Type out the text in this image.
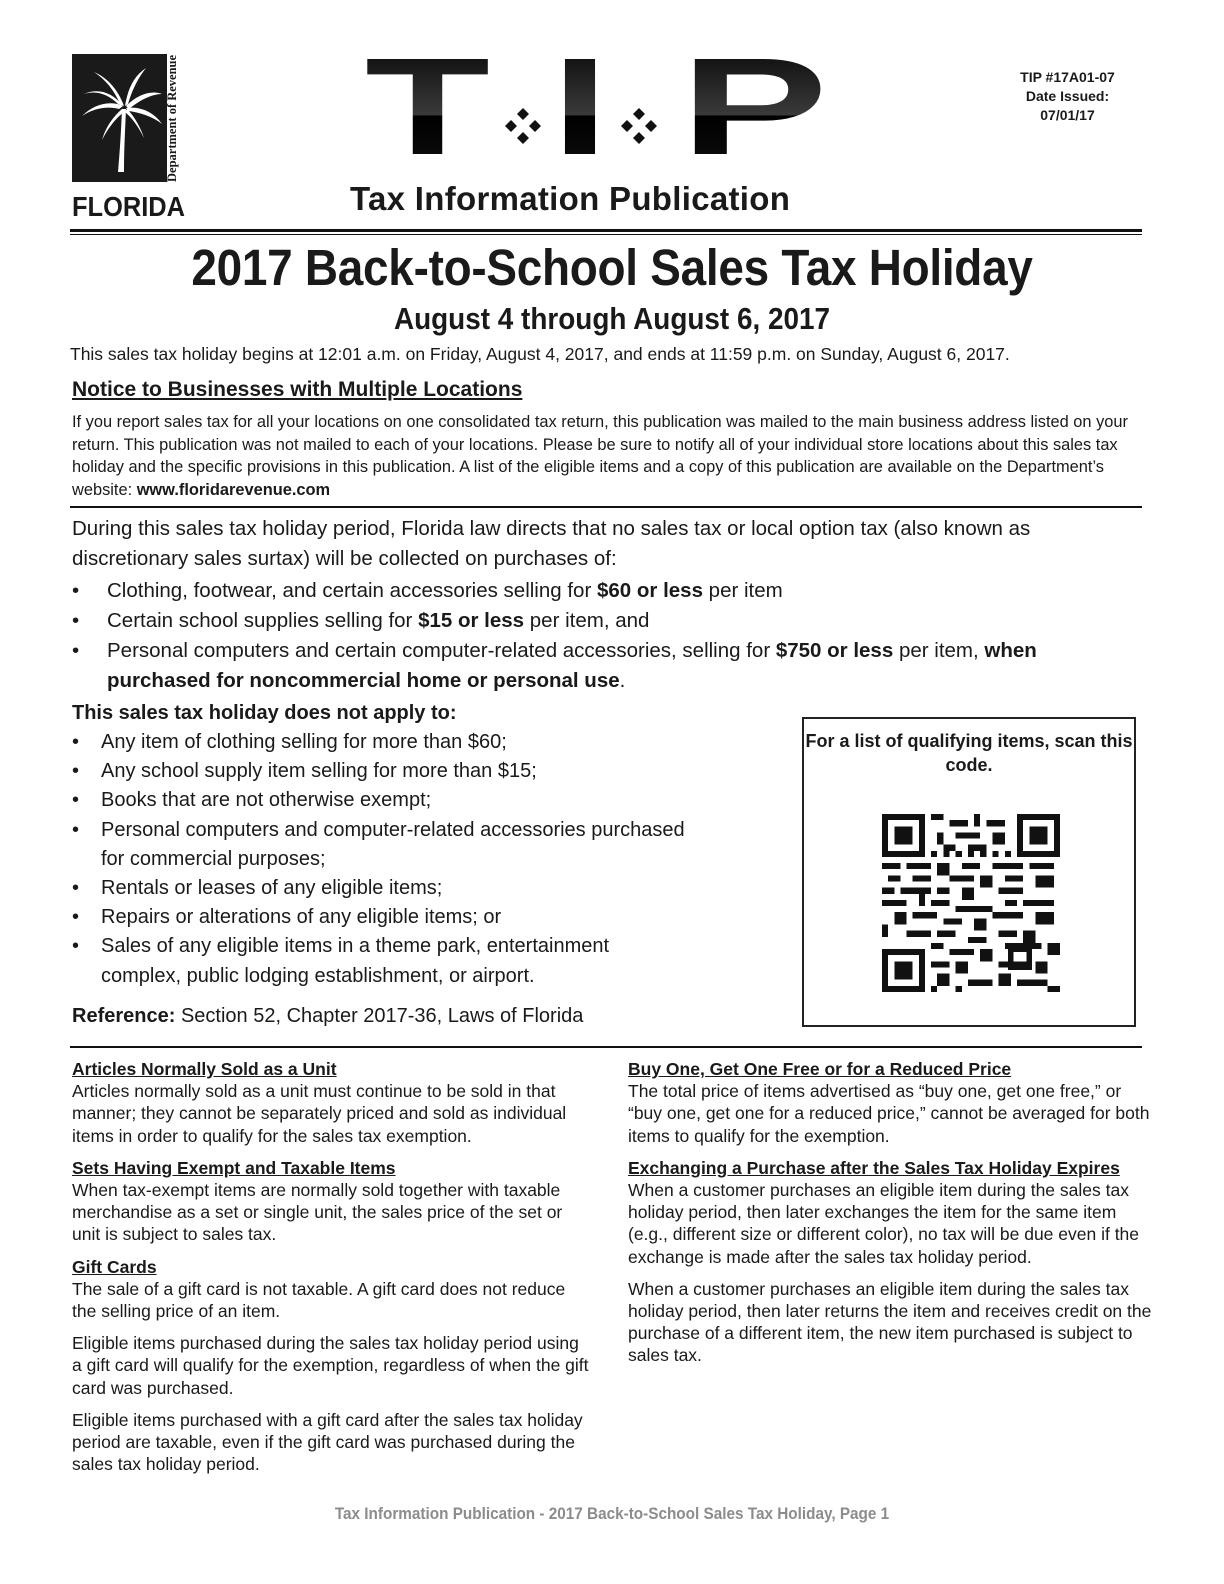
Department of Revenue
FLORIDA
T I P	TIP #17A01-07
Date Issued:
07/01/17
Tax Information Publication
2017 Back-to-School Sales Tax Holiday
August 4 through August 6, 2017
This sales tax holiday begins at 12:01 a.m. on Friday, August 4, 2017, and ends at 11:59 p.m. on Sunday, August 6, 2017.
Notice to Businesses with Multiple Locations
If you report sales tax for all your locations on one consolidated tax return, this publication was mailed to the main business address listed on your return. This publication was not mailed to each of your locations. Please be sure to notify all of your individual store locations about this sales tax holiday and the specific provisions in this publication. A list of the eligible items and a copy of this publication are available on the Department’s website: www.floridarevenue.com
During this sales tax holiday period, Florida law directs that no sales tax or local option tax (also known as discretionary sales surtax) will be collected on purchases of:
• Clothing, footwear, and certain accessories selling for $60 or less per item
• Certain school supplies selling for $15 or less per item, and
• Personal computers and certain computer-related accessories, selling for $750 or less per item, when purchased for noncommercial home or personal use.
This sales tax holiday does not apply to:
• Any item of clothing selling for more than $60;
• Any school supply item selling for more than $15;
• Books that are not otherwise exempt;
• Personal computers and computer-related accessories purchased for commercial purposes;
• Rentals or leases of any eligible items;
• Repairs or alterations of any eligible items; or
• Sales of any eligible items in a theme park, entertainment complex, public lodging establishment, or airport.
Reference: Section 52, Chapter 2017-36, Laws of Florida
For a list of qualifying items, scan this code.
Articles Normally Sold as a Unit

Articles normally sold as a unit must continue to be sold in that manner; they cannot be separately priced and sold as individual items in order to qualify for the sales tax exemption.

Sets Having Exempt and Taxable Items

When tax-exempt items are normally sold together with taxable merchandise as a set or single unit, the sales price of the set or unit is subject to sales tax.

Gift Cards

The sale of a gift card is not taxable. A gift card does not reduce the selling price of an item.

Eligible items purchased during the sales tax holiday period using a gift card will qualify for the exemption, regardless of when the gift card was purchased.

Eligible items purchased with a gift card after the sales tax holiday period are taxable, even if the gift card was purchased during the sales tax holiday period.

Buy One, Get One Free or for a Reduced Price

The total price of items advertised as “buy one, get one free,” or “buy one, get one for a reduced price,” cannot be averaged for both items to qualify for the exemption.

Exchanging a Purchase after the Sales Tax Holiday Expires

When a customer purchases an eligible item during the sales tax holiday period, then later exchanges the item for the same item (e.g., different size or different color), no tax will be due even if the exchange is made after the sales tax holiday period.

When a customer purchases an eligible item during the sales tax holiday period, then later returns the item and receives credit on the purchase of a different item, the new item purchased is subject to sales tax.

Tax Information Publication - 2017 Back-to-School Sales Tax Holiday, Page 1
